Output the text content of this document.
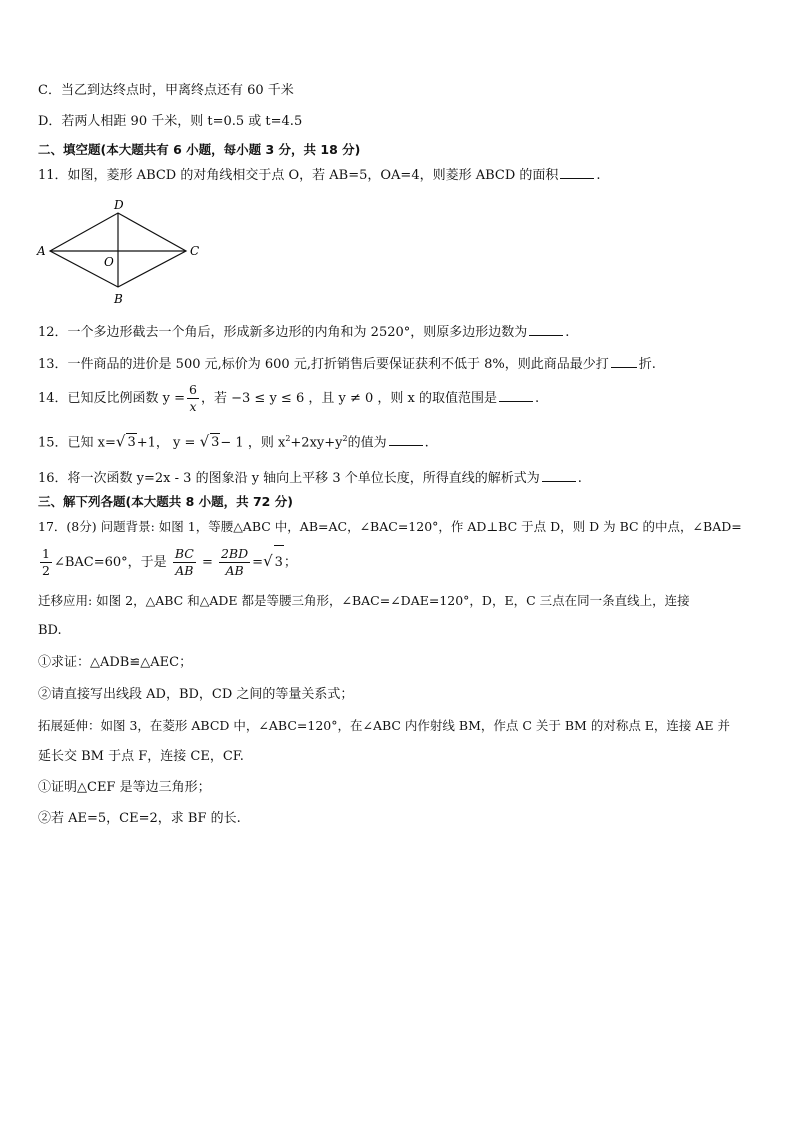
C．当乙到达终点时，甲离终点还有 60 千米
D．若两人相距 90 千米，则 t=0.5 或 t=4.5
二、填空题(本大题共有 6 小题，每小题 3 分，共 18 分)
11．如图，菱形 ABCD 的对角线相交于点 O，若 AB=5，OA=4，则菱形 ABCD 的面积	.
A
D
C
B
O
12．一个多边形截去一个角后，形成新多边形的内角和为 2520°，则原多边形边数为	.
13．一件商品的进价是 500 元,标价为 600 元,打折销售后要保证获利不低于 8%，则此商品最少打 折.
14．已知反比例函数 $y = \frac{6}{x}$ ，若 −3 ≤ y ≤ 6 ，且 y ≠ 0 ，则 x 的取值范围是	.
15．已知 x=√ 3+1， y = √ 3− 1 ，则 $x^2+2xy+y^2$的值为	.
16．将一次函数 y=2x - 3 的图象沿 y 轴向上平移 3 个单位长度，所得直线的解析式为	.
三、解下列各题(本大题共 8 小题，共 72 分)
17．(8分) 问题背景: 如图 1，等腰△ABC 中，AB=AC，∠BAC=120°，作 AD⊥BC 于点 D，则 D 为 BC 的中点，∠BAD=
$\frac{1}{2}$ ∠BAC=60°，于是 $\frac{BC}{AB} = \frac{2BD}{AB}$ =√ 3；
迁移应用: 如图 2，△ABC 和△ADE 都是等腰三角形，∠BAC=∠DAE=120°，D，E，C 三点在同一条直线上，连接
BD.
①求证：△ADB≌△AEC；
②请直接写出线段 AD，BD，CD 之间的等量关系式；
拓展延伸：如图 3，在菱形 ABCD 中，∠ABC=120°，在∠ABC 内作射线 BM，作点 C 关于 BM 的对称点 E，连接 AE 并
延长交 BM 于点 F，连接 CE，CF.
①证明△CEF 是等边三角形；
②若 AE=5，CE=2，求 BF 的长.
